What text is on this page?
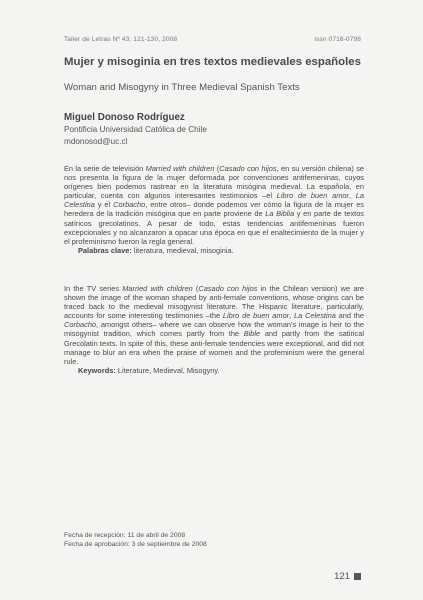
Taller de Letras Nº 43: 121-130, 2008	issn 0716-0798
Mujer y misoginia en tres textos medievales españoles
Woman and Misogyny in Three Medieval Spanish Texts
Miguel Donoso Rodríguez
Pontificia Universidad Católica de Chile
mdonosod@uc.cl

En la serie de televisión Married with children (Casado con hijos, en su versión chilena) se nos presenta la figura de la mujer deformada por convenciones antifemeninas, cuyos orígenes bien podemos rastrear en la literatura misógina medieval. La española, en particular, cuenta con algunos interesantes testimonios –el Libro de buen amor, La Celestina y el Corbacho, entre otros– donde podemos ver cómo la figura de la mujer es heredera de la tradición misógina que en parte proviene de La Biblia y en parte de textos satíricos grecolatinos. A pesar de todo, estas tendencias antifemeninas fueron excepcionales y no alcanzaron a opacar una época en que el enaltecimiento de la mujer y el profeminismo fueron la regla general.

Palabras clave: literatura, medieval, misoginia.

In the TV series Married with children (Casado con hijos in the Chilean version) we are shown the image of the woman shaped by anti-female conventions, whose origins can be traced back to the medieval misogynist literature. The Hispanic literature, particularly, accounts for some interesting testimonies –the Libro de buen amor, La Celestina and the Corbacho, amongst others– where we can observe how the woman's image is heir to the misogynist tradition, which comes partly from the Bible and partly from the satirical Grecolatin texts. In spite of this, these anti-female tendencies were exceptional, and did not manage to blur an era when the praise of women and the profeminism were the general rule.

Keywords: Literature, Medieval, Misogyny.

Fecha de recepción: 11 de abril de 2008
Fecha de aprobación: 3 de septiembre de 2008
121
